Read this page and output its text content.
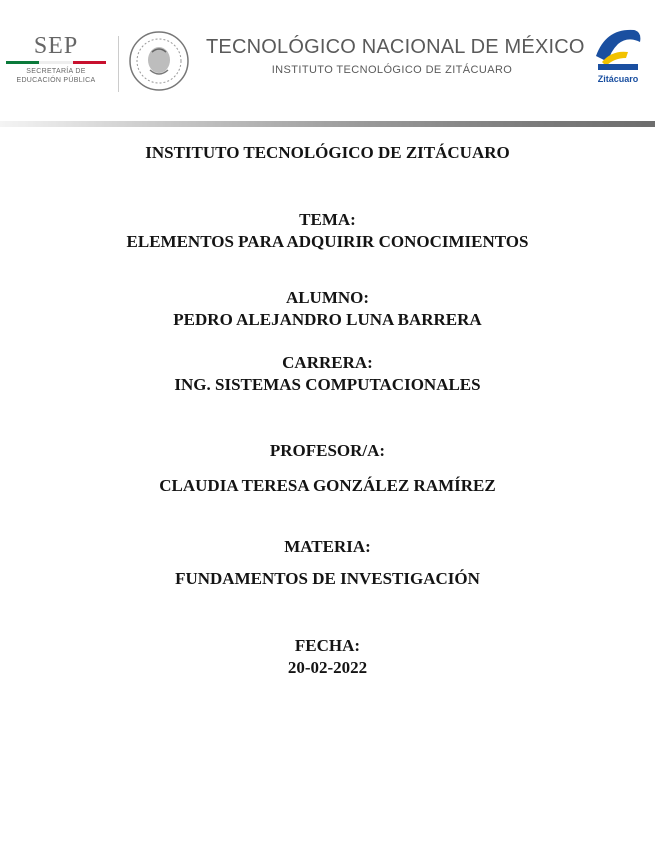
SEP
SECRETARÍA DE
EDUCACIÓN PÚBLICA
TECNOLÓGICO NACIONAL DE MÉXICO
INSTITUTO TECNOLÓGICO DE ZITÁCUARO
Zitácuaro
INSTITUTO TECNOLÓGICO DE ZITÁCUARO
TEMA:
ELEMENTOS PARA ADQUIRIR CONOCIMIENTOS
ALUMNO:
PEDRO ALEJANDRO LUNA BARRERA
CARRERA:
ING. SISTEMAS COMPUTACIONALES
PROFESOR/A:
CLAUDIA TERESA GONZÁLEZ RAMÍREZ
MATERIA:
FUNDAMENTOS DE INVESTIGACIÓN
FECHA:
20-02-2022
